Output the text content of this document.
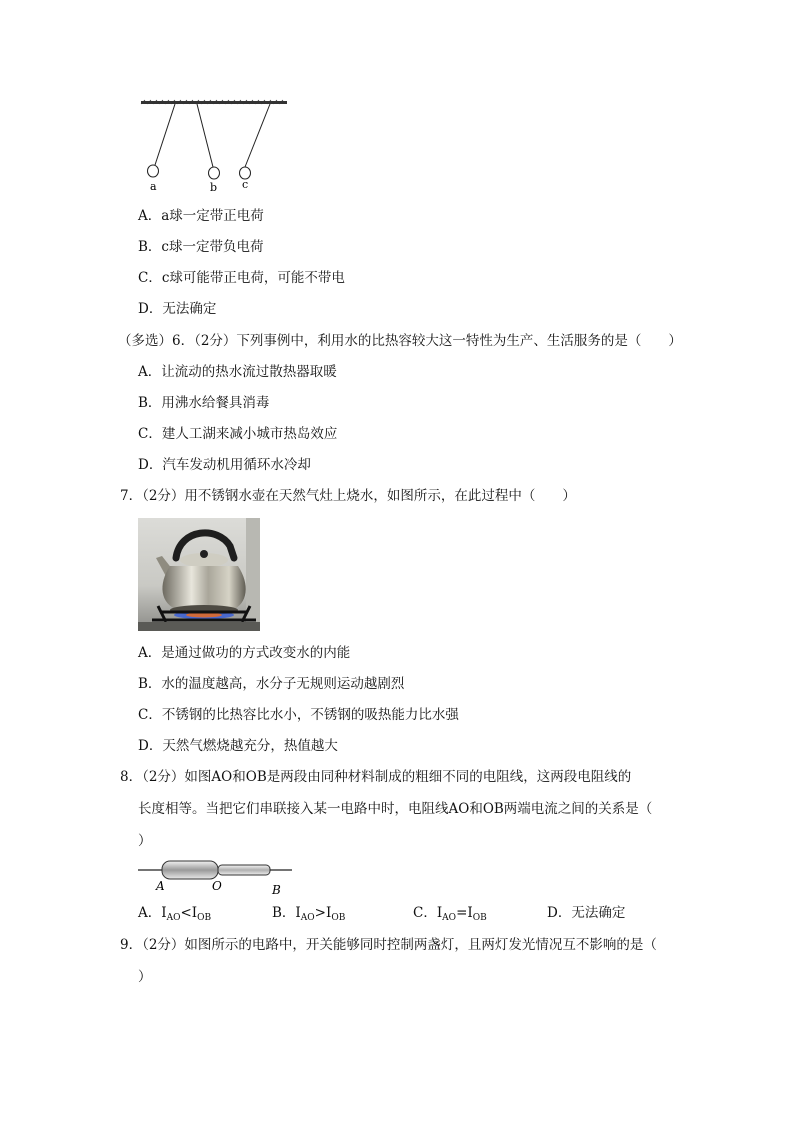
a	b c
A．a球一定带正电荷
B．c球一定带负电荷
C．c球可能带正电荷，可能不带电
D．无法确定
（多选）6．（2分）下列事例中，利用水的比热容较大这一特性为生产、生活服务的是（　　）
A．让流动的热水流过散热器取暖
B．用沸水给餐具消毒
C．建人工湖来减小城市热岛效应
D．汽车发动机用循环水冷却
7．（2分）用不锈钢水壶在天然气灶上烧水，如图所示，在此过程中（　　）
A．是通过做功的方式改变水的内能
B．水的温度越高，水分子无规则运动越剧烈
C．不锈钢的比热容比水小，不锈钢的吸热能力比水强
D．天然气燃烧越充分，热值越大
8．（2分）如图AO和OB是两段由同种材料制成的粗细不同的电阻线，这两段电阻线的
长度相等。当把它们串联接入某一电路中时，电阻线AO和OB两端电流之间的关系是（
）
A	O	B
A．$I_{AO}<I_{OB}$	B．$I_{AO}>I_{OB}$	C．$I_{AO}=I_{OB}$	D．无法确定
9．（2分）如图所示的电路中，开关能够同时控制两盏灯，且两灯发光情况互不影响的是（
）
